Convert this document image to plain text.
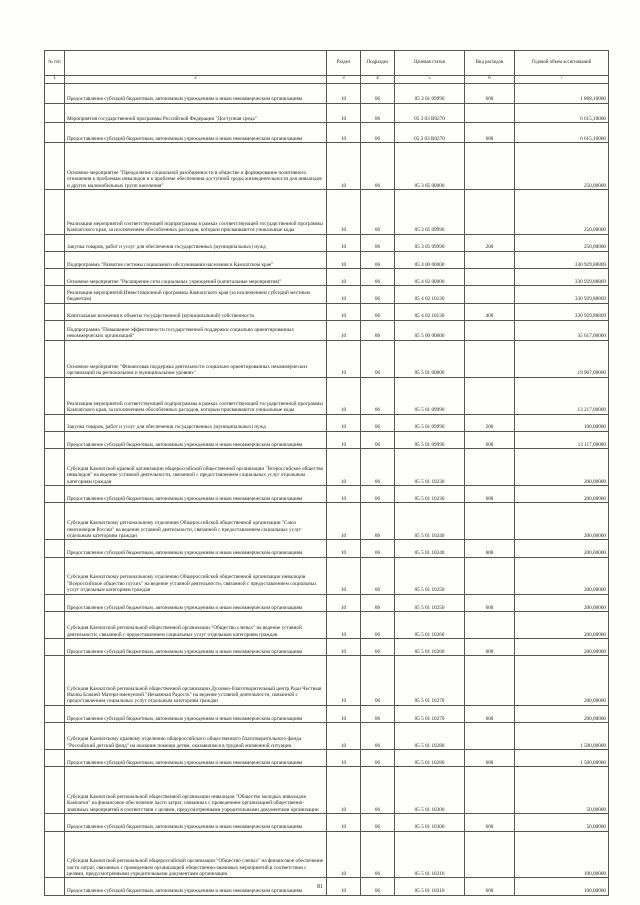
№ п/п		Раздел	Подраздел	Целевая статья	Вид расходов	Годовой объем ассигнований
1	2	3	4	5	6	7
	Предоставление субсидий бюджетным, автономным учреждениям и иным некоммерческим организациям	10	06	05 3 01 09990	600	1 868,10000
	Мероприятия государственной программы Российской Федерации "Доступная среда"	10	06	05 3 03 R0270		6 615,10000
	Предоставление субсидий бюджетным, автономным учреждениям и иным некоммерческим организациям	10	06	05 3 03 R0270	600	6 615,10000
	Основное мероприятие "Преодоление социальной разобщенности в обществе и формирование позитивного отношения к проблемам инвалидов и к проблеме обеспечения доступной среды жизнедеятельности для инвалидов и других маломобильных групп населения"	10	06	05 3 05 00000		250,00000
	Реализация мероприятий соответствующей подпрограммы в рамках соответствующей государственной программы Камчатского края, за исключением обособленных расходов, которым присваиваются уникальные коды	10	06	05 3 05 09990		250,00000
	Закупка товаров, работ и услуг для обеспечения государственных (муниципальных) нужд	10	06	05 3 05 09990	200	250,00000
	Подпрограмма "Развитие системы социального обслуживания населения в Камчатском крае"	10	06	05 4 00 00000		330 929,88869
	Основное мероприятие "Расширение сети социальных учреждений (капитальные мероприятия)"	10	06	05 4 02 00000		330 929,88869
	Реализация мероприятий Инвестиционной программы Камчатского края (за исключением субсидий местным бюджетам)	10	06	05 4 02 10130		330 929,88869
	Капитальные вложения в объекты государственной (муниципальной) собственности	10	06	05 4 02 10130	400	330 929,88869
	Подпрограмма "Повышение эффективности государственной поддержки социально ориентированных некоммерческих организаций"	10	06	05 5 00 00000		35 617,00000
	Основное мероприятие "Финансовая поддержка деятельности социально ориентированных некоммерческих организаций на региональном и муниципальном уровнях"	10	06	05 5 01 00000		19 967,00000
	Реализация мероприятий соответствующей подпрограммы в рамках соответствующей государственной программы Камчатского края, за исключением обособленных расходов, которым присваиваются уникальные коды	10	06	05 5 01 09990		13 217,00000
	Закупка товаров, работ и услуг для обеспечения государственных (муниципальных) нужд	10	06	05 5 01 09990	200	100,00000
	Предоставление субсидий бюджетным, автономным учреждениям и иным некоммерческим организациям	10	06	05 5 01 09990	600	13 117,00000
	Субсидия Камчатской краевой организации общероссийской общественной организации "Всероссийское общество инвалидов" на ведение уставной деятельности, связанной с предоставлением социальных услуг отдельным категориям граждан	10	06	05 5 01 10230		200,00000
	Предоставление субсидий бюджетным, автономным учреждениям и иным некоммерческим организациям	10	06	05 5 01 10230	600	200,00000
	Субсидия Камчатскому региональному отделению Общероссийской общественной организации "Союз пенсионеров России" на ведение уставной деятельности, связанной с предоставлением социальных услуг отдельным категориям граждан	10	06	05 5 01 10240		200,00000
	Предоставление субсидий бюджетным, автономным учреждениям и иным некоммерческим организациям	10	06	05 5 01 10240	600	200,00000
	Субсидия Камчатскому региональному отделению Общероссийской общественной организации инвалидов "Всероссийское общество глухих" на ведение уставной деятельности, связанной с предоставлением социальных услуг отдельным категориям граждан	10	06	05 5 01 10250		200,00000
	Предоставление субсидий бюджетным, автономным учреждениям и иным некоммерческим организациям	10	06	05 5 01 10250	600	200,00000
	Субсидия Камчатской региональной общественной организации "Общество слепых" на ведение уставной деятельности, связанной с предоставлением социальных услуг отдельным категориям граждан	10	06	05 5 01 10260		200,00000
	Предоставление субсидий бюджетным, автономным учреждениям и иным некоммерческим организациям	10	06	05 5 01 10260	600	200,00000
	Субсидия Камчатской региональной общественной организации Духовно-благотворительный центр Ради Честныя Иконы Божией Матери именуемой "Нечаянная Радость" на ведение уставной деятельности, связанной с предоставлением социальных услуг отдельным категориям граждан	10	06	05 5 01 10270		200,00000
	Предоставление субсидий бюджетным, автономным учреждениям и иным некоммерческим организациям	10	06	05 5 01 10270	600	200,00000
	Субсидия Камчатскому краевому отделению общероссийского общественного благотворительного фонда "Российский детский фонд" на оказание помощи детям, оказавшимся в трудной жизненной ситуации	10	06	05 5 01 10280		1 500,00000
	Предоставление субсидий бюджетным, автономным учреждениям и иным некоммерческим организациям	10	06	05 5 01 10280	600	1 500,00000
	Субсидия Камчатской региональной общественной организации инвалидов "Общество молодых инвалидов Камчатки" на финансовое обеспечение части затрат, связанных с проведением организацией общественно-значимых мероприятий в соответствии с целями, предусмотренными учредительными документами организации	10	06	05 5 01 10300		50,00000
	Предоставление субсидий бюджетным, автономным учреждениям и иным некоммерческим организациям	10	06	05 5 01 10300	600	50,00000
	Субсидия Камчатской региональной общероссийской организации "Общество слепых" на финансовое обеспечение части затрат, связанных с проведением организацией общественно-значимых мероприятий в соответствии с целями, предусмотренными учредительными документами организации	10	06	05 5 01 10310		100,00000
	Предоставление субсидий бюджетным, автономным учреждениям и иным некоммерческим организациям	10	06	05 5 01 10310	600	100,00000
81
